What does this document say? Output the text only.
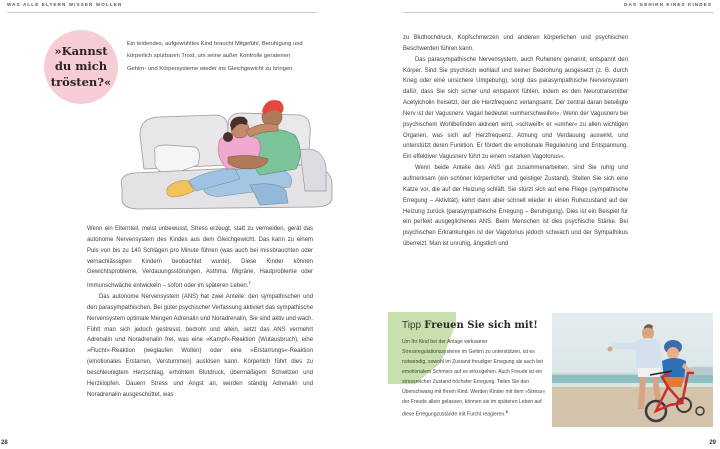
WAS ALLE ELTERN WISSEN WOLLEN
»Kannst
du mich
trösten?«
Ein leidendes, aufgewühltes Kind braucht Mitgefühl, Beruhigung und körperlich spürbaren Trost, um seine außer Kontrolle geratenen Gehirn- und Körpersysteme wieder ins Gleichgewicht zu bringen.

Wenn ein Elternteil, meist unbewusst, Stress erzeugt, statt zu vermeiden, gerät das autonome Nervensystem des Kindes aus dem Gleichgewicht. Das kann zu einem Puls von bis zu 140 Schlägen pro Minute führen (was auch bei missbrauchten oder vernachlässigten Kindern beobachtet wurde). Diese Kinder können Gewichtsprobleme, Verdauungsstörungen, Asthma, Migräne, Hautprobleme oder Immunschwäche entwickeln – sofort oder im späteren Leben.$^7$

Das autonome Nervensystem (ANS) hat zwei Anteile: den sympathischen und den parasympathischen. Bei guter psychischer Verfassung aktiviert das sympathische Nervensystem optimale Mengen Adrenalin und Noradrenalin, Sie sind aktiv und wach. Fühlt man sich jedoch gestresst, bedroht und allein, setzt das ANS vermehrt Adrenalin und Noradrenalin frei, was eine »Kampf«-Reaktion (Wutausbruch), eine »Flucht«-Reaktion (weglaufen Wollen) oder eine »Erstarrungs«-Reaktion (emotionales Erstarren, Verstummen) auslösen kann. Körperlich führt dies zu beschleunigtem Herzschlag, erhöhtem Blutdruck, übermäßigem Schwitzen und Herzklopfen. Dauern Stress und Angst an, werden ständig Adrenalin und Noradrenalin ausgeschüttet, was

28
DAS GEHIRN EINES KINDES

zu Bluthochdruck, Kopfschmerzen und anderen körperlichen und psychischen Beschwerden führen kann.

Das parasympathische Nervensystem, auch Ruhenerv genannt, entspannt den Körper. Sind Sie psychisch wohlauf und keiner Bedrohung ausgesetzt (z. B. durch Krieg oder eine unsichere Umgebung), sorgt das parasympathische Nervensystem dafür, dass Sie sich sicher und entspannt fühlen, indem es den Neurotransmitter Acetylcholin freisetzt, der die Herzfrequenz verlangsamt. Der zentral daran beteiligte Nerv ist der Vagusnerv. Vagari bedeutet »umherschweifen«. Wenn der Vagusnerv bei psychischem Wohlbefinden aktiviert wird, »schweift« er »umher« zu allen wichtigen Organen, was sich auf Herzfrequenz, Atmung und Verdauung auswirkt, und unterstützt deren Funktion. Er fördert die emotionale Regulierung und Entspannung. Ein effektiver Vagusnerv führt zu einem »starken Vagotonus«.

Wenn beide Anteile des ANS gut zusammenarbeiten, sind Sie ruhig und aufmerksam (ein schöner körperlicher und geistiger Zustand). Stellen Sie sich eine Katze vor, die auf der Heizung schläft. Sie stürzt sich auf eine Fliege (sympathische Erregung – Aktivität), kehrt dann aber schnell wieder in einen Ruhezustand auf der Heizung zurück (parasympathische Erregung – Beruhigung). Dies ist ein Beispiel für ein perfekt ausgeglichenes ANS. Beim Menschen ist dies psychische Stärke. Bei psychischen Erkrankungen ist der Vagotonus jedoch schwach und der Sympathikus überreizt. Man ist unruhig, ängstlich und

29
Tipp Freuen Sie sich mit!
Um Ihr Kind bei der Anlage wirksamer Stressregulationssysteme im Gehirn zu unterstützen, ist es notwendig, sowohl im Zustand freudiger Erregung als auch bei emotionalem Schmerz auf es einzugehen. Auch Freude ist ein stressreicher Zustand höchster Erregung. Teilen Sie den Überschwang mit Ihrem Kind. Werden Kinder mit dem »Stress« der Freude allein gelassen, können sie im späteren Leben auf diese Erregungzustände mit Furcht reagieren.$^8$
